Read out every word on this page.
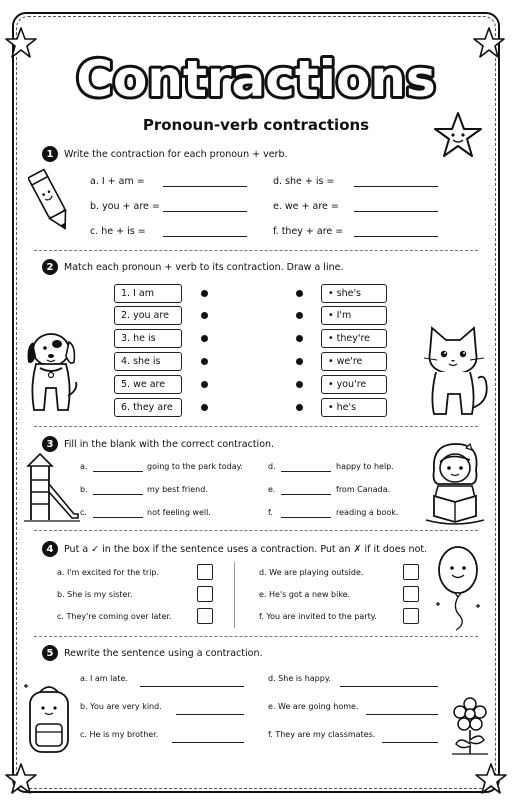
Contractions
Pronoun-verb contractions
1	Write the contraction for each pronoun + verb.
a. I + am =
b. you + are =
c. he + is =
d. she + is =
e. we + are =
f. they + are =
2	Match each pronoun + verb to its contraction. Draw a line.
1. I am
2. you are
3. he is
4. she is
5. we are
6. they are
• she's
• I'm
• they're
• we're
• you're
• he's
3	Fill in the blank with the correct contraction.
a.	going to the park today.
b.	my best friend.
c.	not feeling well.
d.	happy to help.
e.	from Canada.
f.	reading a book.
4	Put a ✓ in the box if the sentence uses a contraction. Put an ✗ if it does not.
a. I'm excited for the trip.
b. She is my sister.
c. They're coming over later.
d. We are playing outside.
e. He's got a new bike.
f. You are invited to the party.
5	Rewrite the sentence using a contraction.
a. I am late.
b. You are very kind.
c. He is my brother.
d. She is happy.
e. We are going home.
f. They are my classmates.
